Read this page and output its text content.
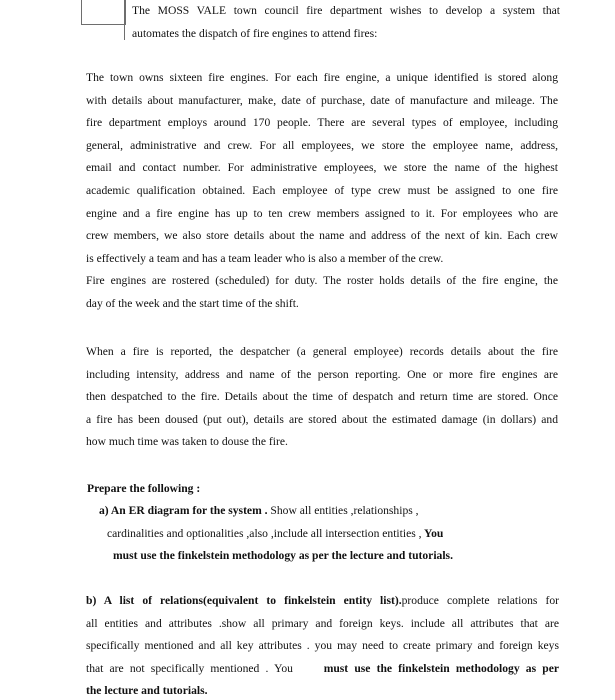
The MOSS VALE town council fire department wishes to develop a system that
automates the dispatch of fire engines to attend fires:
The town owns sixteen fire engines. For each fire engine, a unique identified is stored along
with details about manufacturer, make, date of purchase, date of manufacture and mileage. The
fire department employs around 170 people. There are several types of employee, including
general, administrative and crew. For all employees, we store the employee name, address,
email and contact number. For administrative employees, we store the name of the highest
academic qualification obtained. Each employee of type crew must be assigned to one fire
engine and a fire engine has up to ten crew members assigned to it. For employees who are
crew members, we also store details about the name and address of the next of kin. Each crew
is effectively a team and has a team leader who is also a member of the crew.
Fire engines are rostered (scheduled) for duty. The roster holds details of the fire engine, the
day of the week and the start time of the shift.
When a fire is reported, the despatcher (a general employee) records details about the fire
including intensity, address and name of the person reporting. One or more fire engines are
then despatched to the fire. Details about the time of despatch and return time are stored. Once
a fire has been doused (put out), details are stored about the estimated damage (in dollars) and
how much time was taken to douse the fire.
Prepare the following :
a) An ER diagram for the system . Show all entities ,relationships ,
cardinalities and optionalities ,also ,include all intersection entities , You
must use the finkelstein methodology as per the lecture and tutorials.
b) A list of relations(equivalent to finkelstein entity list).produce complete relations for
all entities and attributes .show all primary and foreign keys. include all attributes that are
specifically mentioned and all key attributes . you may need to create primary and foreign keys
that are not specifically mentioned . You	must use the finkelstein methodology as per
the lecture and tutorials.
